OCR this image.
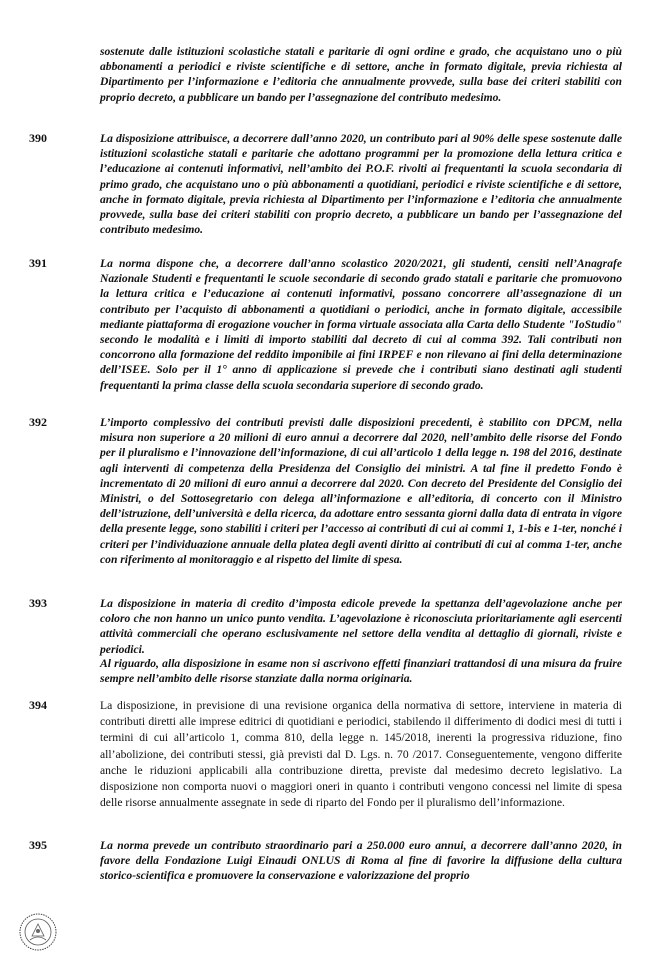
sostenute dalle istituzioni scolastiche statali e paritarie di ogni ordine e grado, che acquistano uno o più abbonamenti a periodici e riviste scientifiche e di settore, anche in formato digitale, previa richiesta al Dipartimento per l’informazione e l’editoria che annualmente provvede, sulla base dei criteri stabiliti con proprio decreto, a pubblicare un bando per l’assegnazione del contributo medesimo.

390	La disposizione attribuisce, a decorrere dall’anno 2020, un contributo pari al 90% delle spese sostenute dalle istituzioni scolastiche statali e paritarie che adottano programmi per la promozione della lettura critica e l’educazione ai contenuti informativi, nell’ambito dei P.O.F. rivolti ai frequentanti la scuola secondaria di primo grado, che acquistano uno o più abbonamenti a quotidiani, periodici e riviste scientifiche e di settore, anche in formato digitale, previa richiesta al Dipartimento per l’informazione e l’editoria che annualmente provvede, sulla base dei criteri stabiliti con proprio decreto, a pubblicare un bando per l’assegnazione del contributo medesimo.

391	La norma dispone che, a decorrere dall’anno scolastico 2020/2021, gli studenti, censiti nell’Anagrafe Nazionale Studenti e frequentanti le scuole secondarie di secondo grado statali e paritarie che promuovono la lettura critica e l’educazione ai contenuti informativi, possano concorrere all’assegnazione di un contributo per l’acquisto di abbonamenti a quotidiani o periodici, anche in formato digitale, accessibile mediante piattaforma di erogazione voucher in forma virtuale associata alla Carta dello Studente "IoStudio" secondo le modalità e i limiti di importo stabiliti dal decreto di cui al comma 392. Tali contributi non concorrono alla formazione del reddito imponibile ai fini IRPEF e non rilevano ai fini della determinazione dell’ISEE. Solo per il 1° anno di applicazione si prevede che i contributi siano destinati agli studenti frequentanti la prima classe della scuola secondaria superiore di secondo grado.

392	L’importo complessivo dei contributi previsti dalle disposizioni precedenti, è stabilito con DPCM, nella misura non superiore a 20 milioni di euro annui a decorrere dal 2020, nell’ambito delle risorse del Fondo per il pluralismo e l’innovazione dell’informazione, di cui all’articolo 1 della legge n. 198 del 2016, destinate agli interventi di competenza della Presidenza del Consiglio dei ministri. A tal fine il predetto Fondo è incrementato di 20 milioni di euro annui a decorrere dal 2020. Con decreto del Presidente del Consiglio dei Ministri, o del Sottosegretario con delega all’informazione e all’editoria, di concerto con il Ministro dell’istruzione, dell’università e della ricerca, da adottare entro sessanta giorni dalla data di entrata in vigore della presente legge, sono stabiliti i criteri per l’accesso ai contributi di cui ai commi 1, 1-bis e 1-ter, nonché i criteri per l’individuazione annuale della platea degli aventi diritto ai contributi di cui al comma 1-ter, anche con riferimento al monitoraggio e al rispetto del limite di spesa.

393	La disposizione in materia di credito d’imposta edicole prevede la spettanza dell’agevolazione anche per coloro che non hanno un unico punto vendita. L’agevolazione è riconosciuta prioritariamente agli esercenti attività commerciali che operano esclusivamente nel settore della vendita al dettaglio di giornali, riviste e periodici.

Al riguardo, alla disposizione in esame non si ascrivono effetti finanziari trattandosi di una misura da fruire sempre nell’ambito delle risorse stanziate dalla norma originaria.

394	La disposizione, in previsione di una revisione organica della normativa di settore, interviene in materia di contributi diretti alle imprese editrici di quotidiani e periodici, stabilendo il differimento di dodici mesi di tutti i termini di cui all’articolo 1, comma 810, della legge n. 145/2018, inerenti la progressiva riduzione, fino all’abolizione, dei contributi stessi, già previsti dal D. Lgs. n. 70 /2017. Conseguentemente, vengono differite anche le riduzioni applicabili alla contribuzione diretta, previste dal medesimo decreto legislativo. La disposizione non comporta nuovi o maggiori oneri in quanto i contributi vengono concessi nel limite di spesa delle risorse annualmente assegnate in sede di riparto del Fondo per il pluralismo dell’informazione.

395	La norma prevede un contributo straordinario pari a 250.000 euro annui, a decorrere dall’anno 2020, in favore della Fondazione Luigi Einaudi ONLUS di Roma al fine di favorire la diffusione della cultura storico-scientifica e promuovere la conservazione e valorizzazione del proprio
